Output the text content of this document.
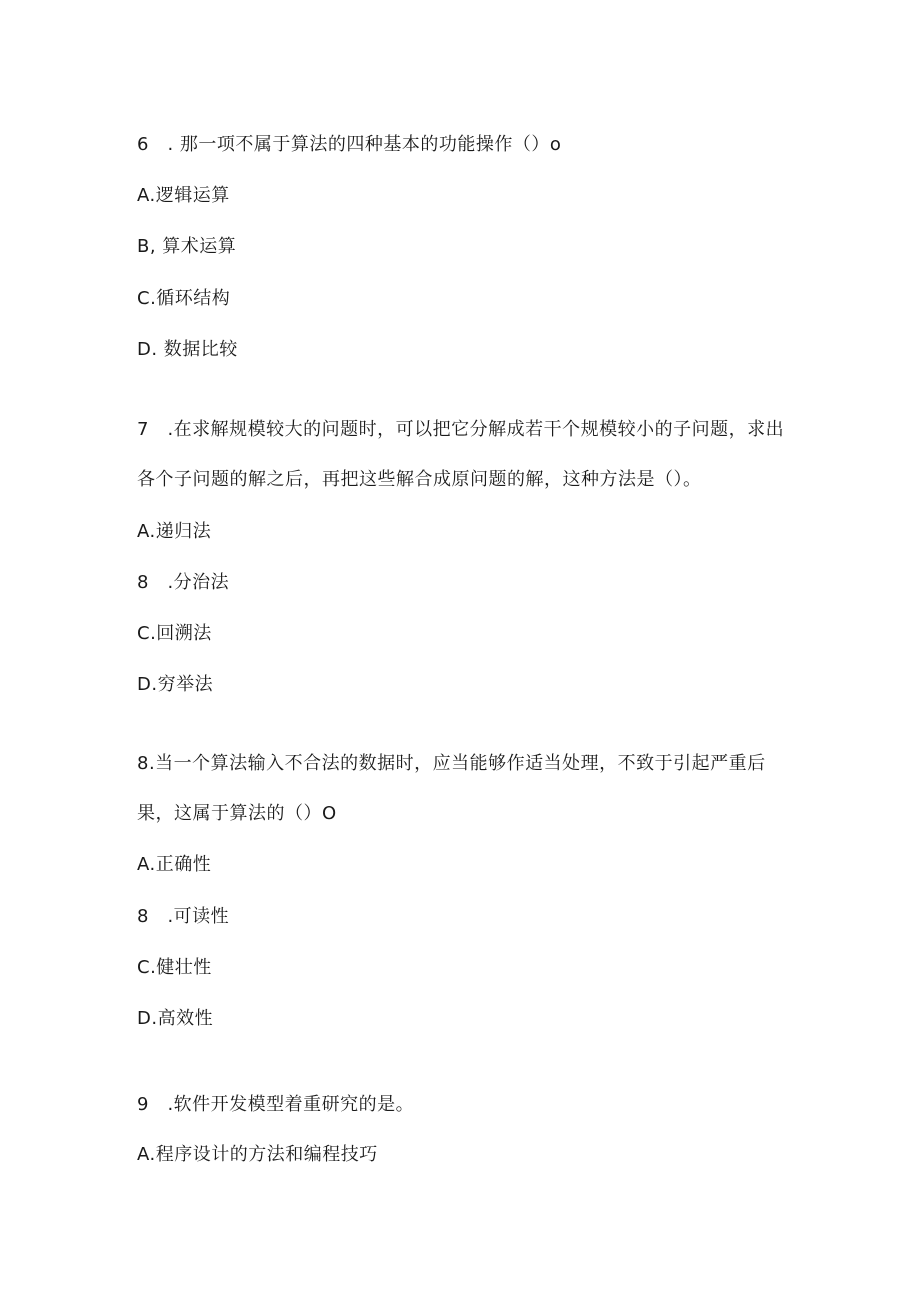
6　. 那一项不属于算法的四种基本的功能操作（）o
A.逻辑运算
B, 算术运算
C.循环结构
D. 数据比较
7　.在求解规模较大的问题时，可以把它分解成若干个规模较小的子问题，求出
各个子问题的解之后，再把这些解合成原问题的解，这种方法是（）。
A.递归法
8　.分治法
C.回溯法
D.穷举法
8.当一个算法输入不合法的数据时，应当能够作适当处理，不致于引起严重后
果，这属于算法的（）O
A.正确性
8　.可读性
C.健壮性
D.高效性
9　.软件开发模型着重研究的是。
A.程序设计的方法和编程技巧
